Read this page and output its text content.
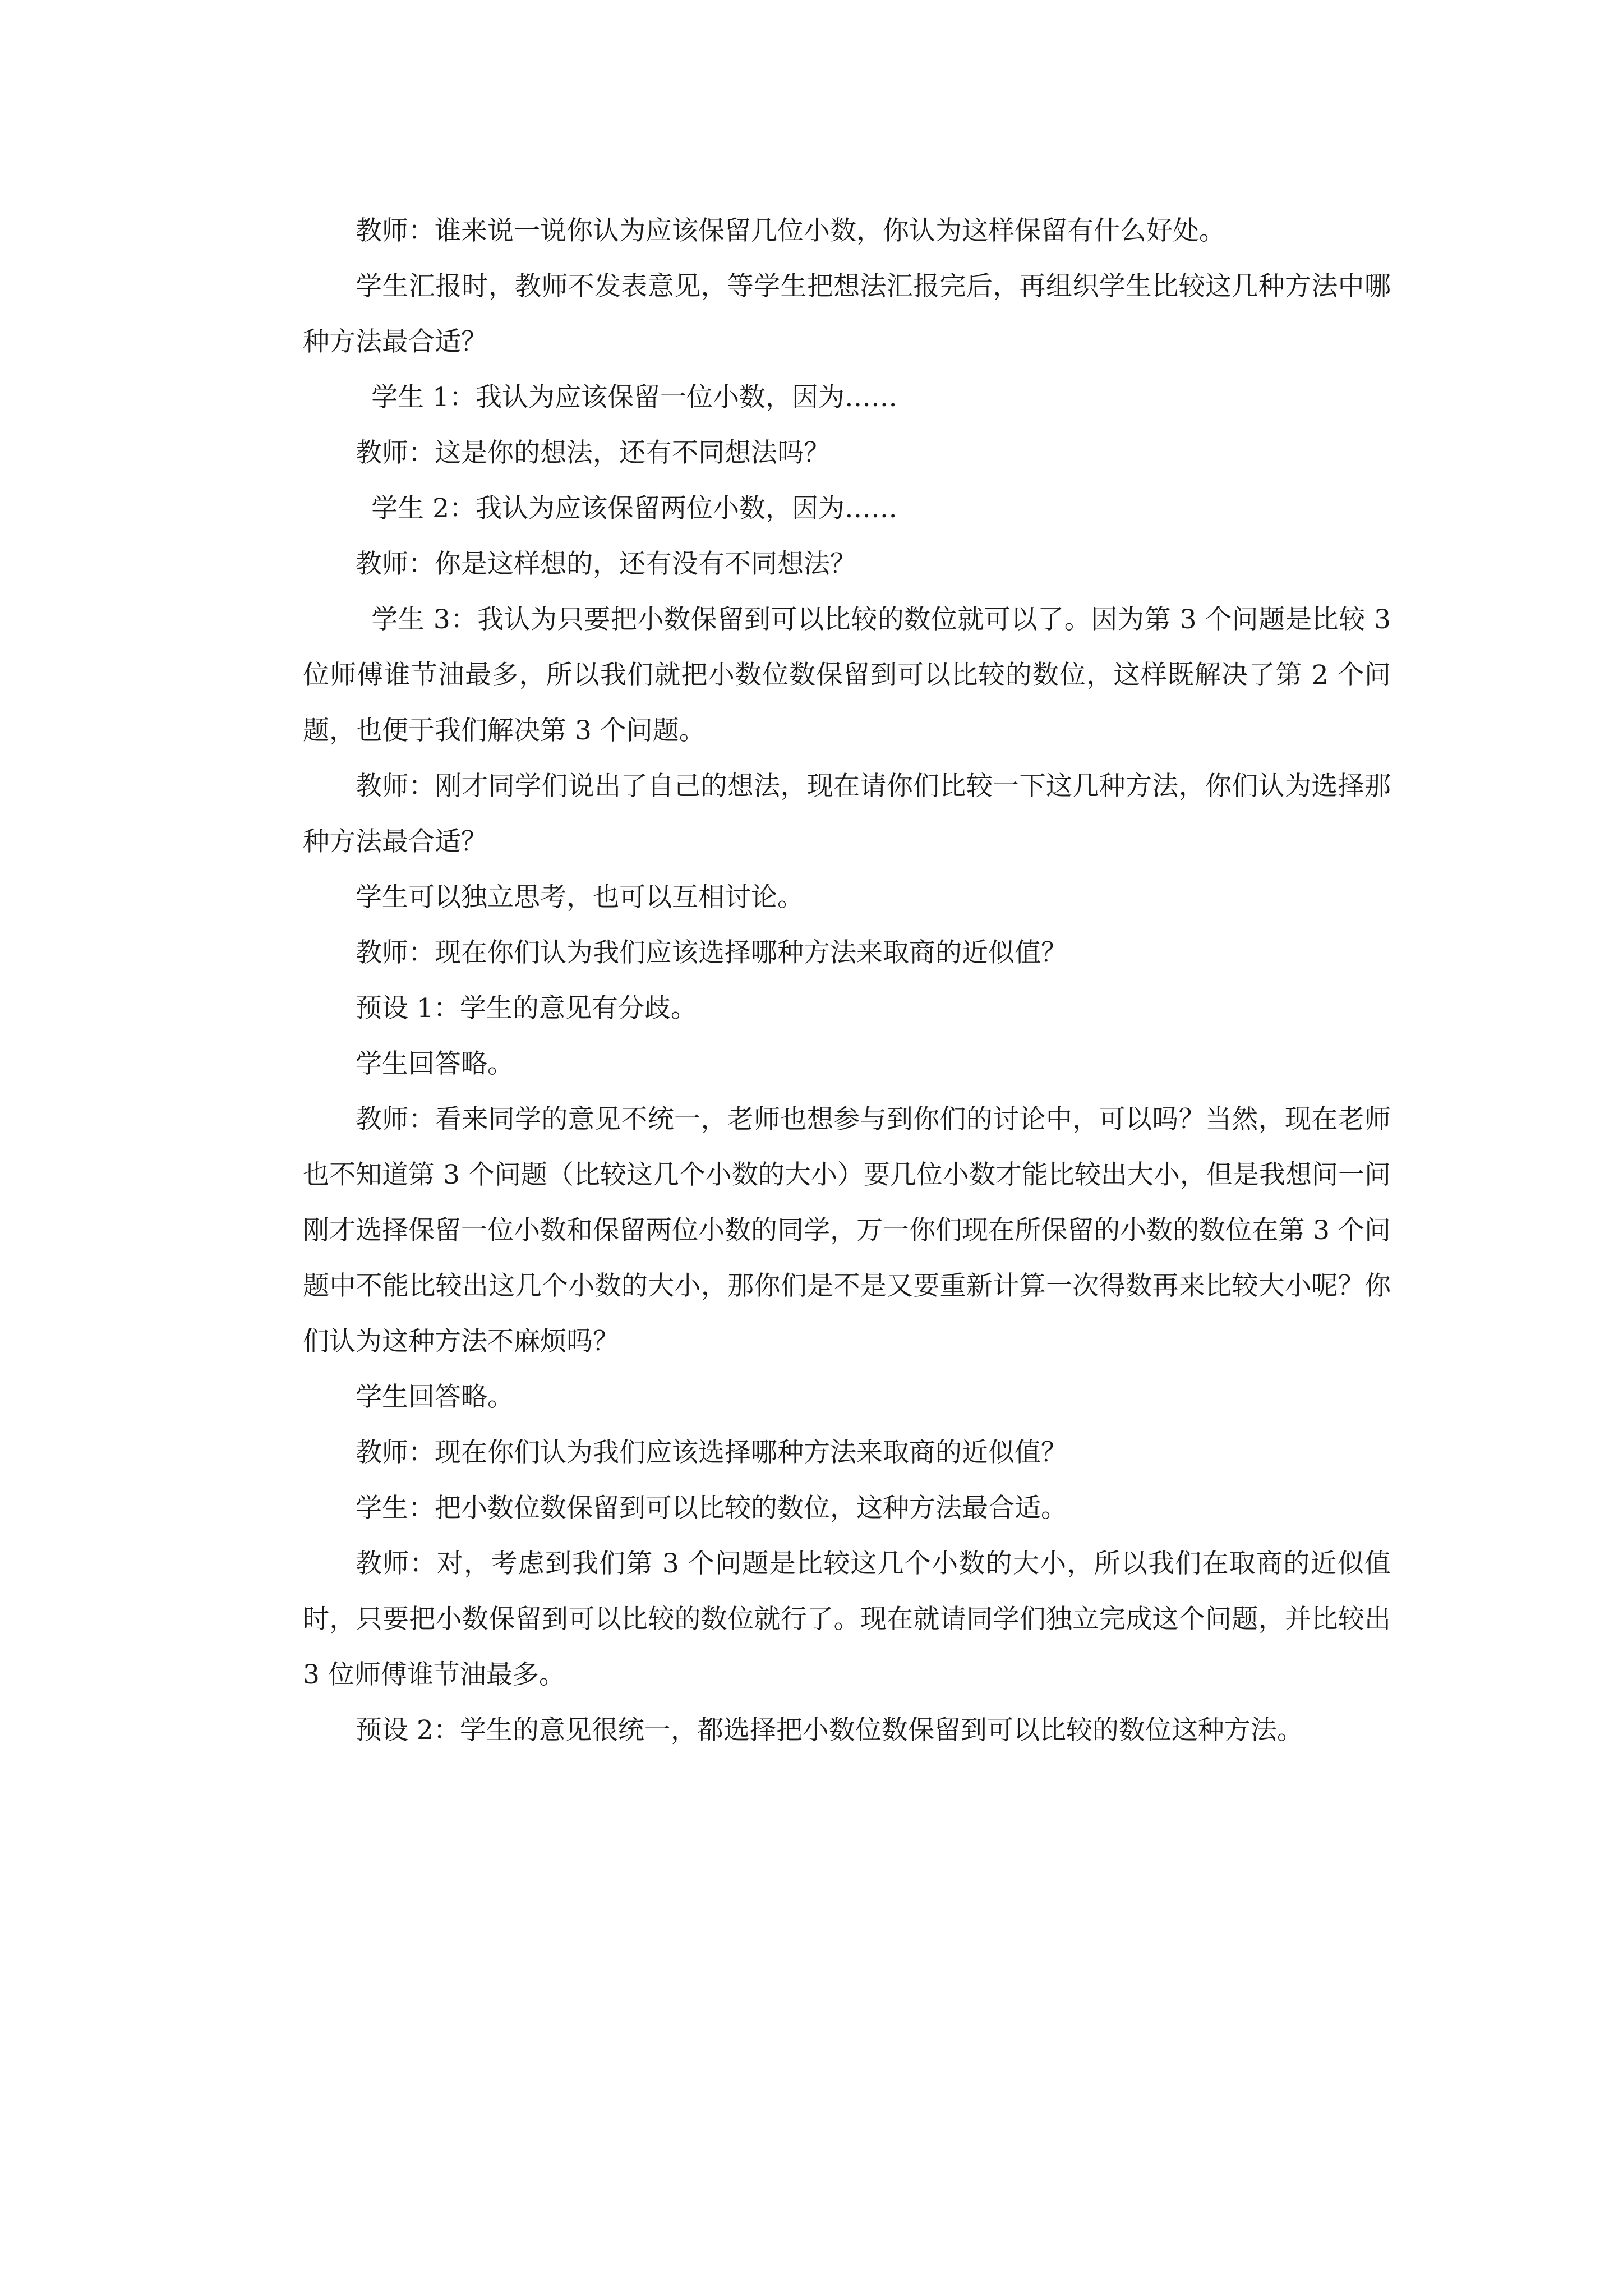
教师：谁来说一说你认为应该保留几位小数，你认为这样保留有什么好处。

学生汇报时，教师不发表意见，等学生把想法汇报完后，再组织学生比较这几种方法中哪种方法最合适？

学生 1：我认为应该保留一位小数，因为……

教师：这是你的想法，还有不同想法吗？

学生 2：我认为应该保留两位小数，因为……

教师：你是这样想的，还有没有不同想法？

学生 3：我认为只要把小数保留到可以比较的数位就可以了。因为第 3 个问题是比较 3 位师傅谁节油最多，所以我们就把小数位数保留到可以比较的数位，这样既解决了第 2 个问题，也便于我们解决第 3 个问题。

教师：刚才同学们说出了自己的想法，现在请你们比较一下这几种方法，你们认为选择那种方法最合适？

学生可以独立思考，也可以互相讨论。

教师：现在你们认为我们应该选择哪种方法来取商的近似值？

预设 1：学生的意见有分歧。

学生回答略。

教师：看来同学的意见不统一，老师也想参与到你们的讨论中，可以吗？当然，现在老师也不知道第 3 个问题（比较这几个小数的大小）要几位小数才能比较出大小，但是我想问一问刚才选择保留一位小数和保留两位小数的同学，万一你们现在所保留的小数的数位在第 3 个问题中不能比较出这几个小数的大小，那你们是不是又要重新计算一次得数再来比较大小呢？你们认为这种方法不麻烦吗？

学生回答略。

教师：现在你们认为我们应该选择哪种方法来取商的近似值？

学生：把小数位数保留到可以比较的数位，这种方法最合适。

教师：对，考虑到我们第 3 个问题是比较这几个小数的大小，所以我们在取商的近似值时，只要把小数保留到可以比较的数位就行了。现在就请同学们独立完成这个问题，并比较出 3 位师傅谁节油最多。

预设 2：学生的意见很统一，都选择把小数位数保留到可以比较的数位这种方法。
